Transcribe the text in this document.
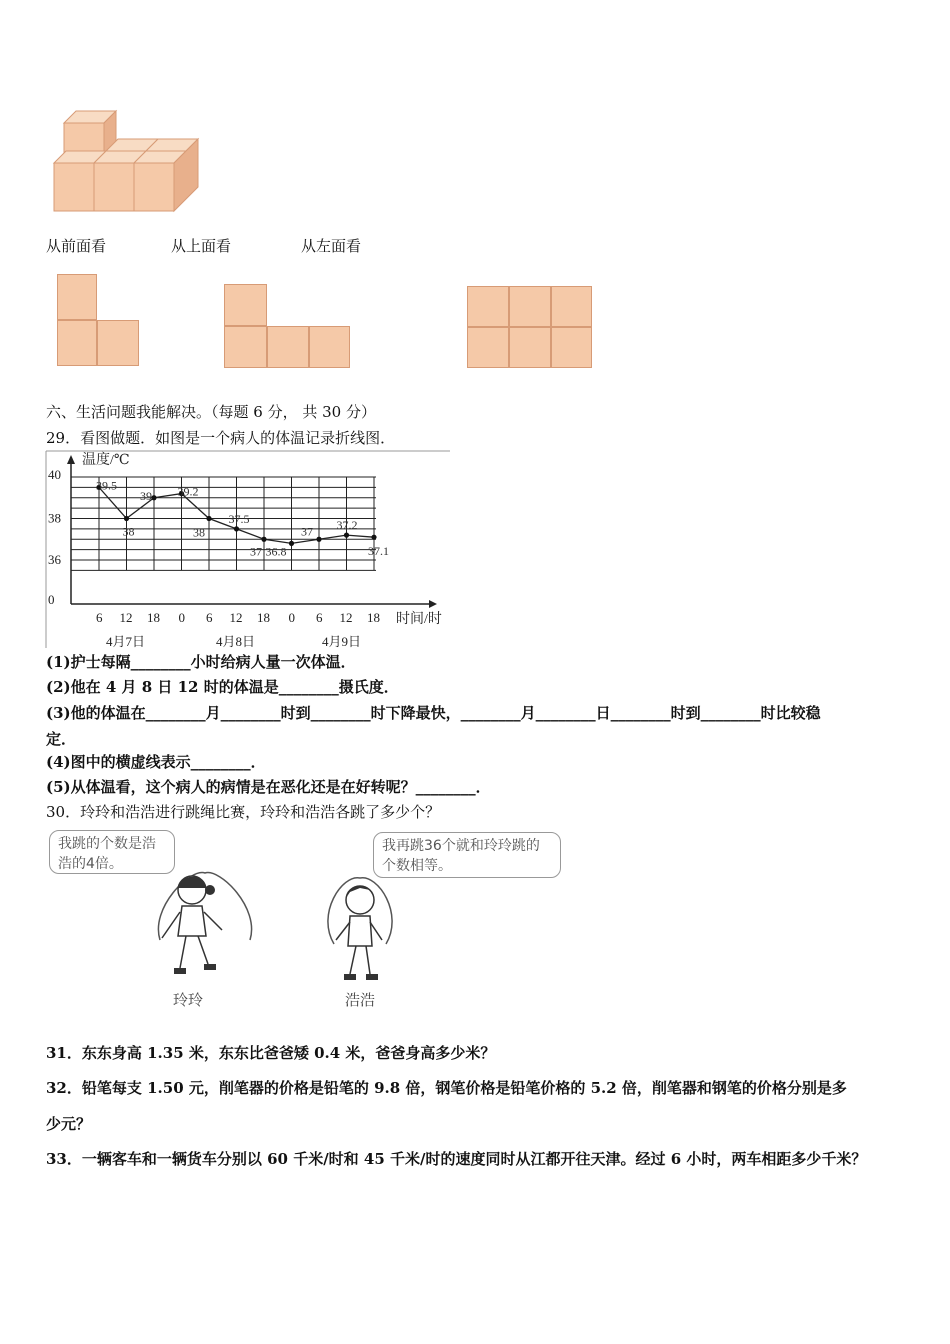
从前面看	从上面看	从左面看
六、生活问题我能解决。（每题 6 分， 共 30 分）
29．看图做题．如图是一个病人的体温记录折线图．
40
38
36
0
6 12 18 0 6 12 18 0 6 12 18
39.5
38
39 39.2
38
37.5
37 36.8
37 37.2
37.1
温度/℃
时间/时
4月7日	4月8日	4月9日
(1)护士每隔________小时给病人量一次体温．
(2)他在 4 月 8 日 12 时的体温是________摄氏度．
(3)他的体温在________月________时到________时下降最快，________月________日________时到________时比较稳
定．
(4)图中的横虚线表示________．
(5)从体温看，这个病人的病情是在恶化还是在好转呢？________．
30．玲玲和浩浩进行跳绳比赛，玲玲和浩浩各跳了多少个？
我跳的个数是浩浩的4倍。
我再跳36个就和玲玲跳的个数相等。
玲玲	浩浩
31．东东身高 1.35 米，东东比爸爸矮 0.4 米，爸爸身高多少米？
32．铅笔每支 1.50 元，削笔器的价格是铅笔的 9.8 倍，钢笔价格是铅笔价格的 5.2 倍，削笔器和钢笔的价格分别是多
少元？
33．一辆客车和一辆货车分别以 60 千米/时和 45 千米/时的速度同时从江都开往天津。经过 6 小时，两车相距多少千米？
